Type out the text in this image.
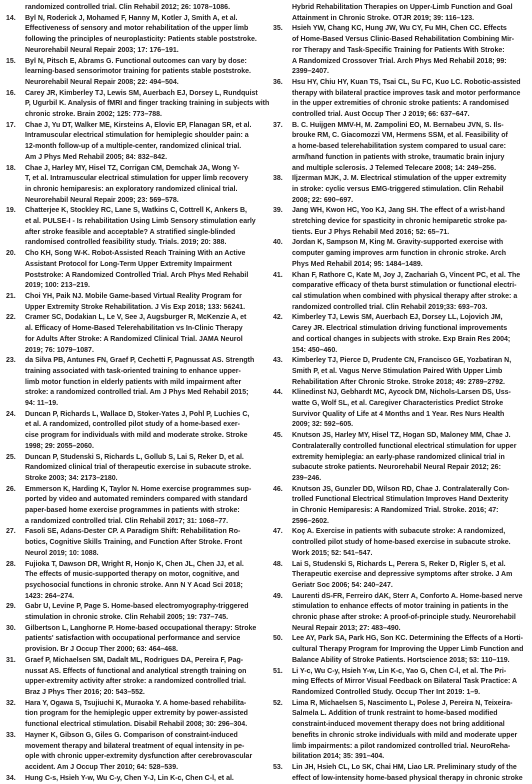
randomized controlled trial. Clin Rehabil 2012; 26: 1078–1086.

14.	Byl N, Roderick J, Mohamed F, Hanny M, Kotler J, Smith A, et al.
Effectiveness of sensory and motor rehabilitation of the upper limb
following the principles of neuroplasticity: Patients stable poststroke.
Neurorehabil Neural Repair 2003; 17: 176–191.

15.	Byl N, Pitsch E, Abrams G. Functional outcomes can vary by dose:
learning-based sensorimotor training for patients stable poststroke.
Neurorehabil Neural Repair 2008; 22: 494–504.

16.	Carey JR, Kimberley TJ, Lewis SM, Auerbach EJ, Dorsey L, Rundquist
P, Ugurbil K. Analysis of fMRI and finger tracking training in subjects with
chronic stroke. Brain 2002; 125: 773–788.

17.	Chae J, Yu DT, Walker ME, Kirsteins A, Elovic EP, Flanagan SR, et al.
Intramuscular electrical stimulation for hemiplegic shoulder pain: a
12-month follow-up of a multiple-center, randomized clinical trial.
Am J Phys Med Rehabil 2005; 84: 832–842.

18.	Chae J, Harley MY, Hisel TZ, Corrigan CM, Demchak JA, Wong Y-
T, et al. Intramuscular electrical stimulation for upper limb recovery
in chronic hemiparesis: an exploratory randomized clinical trial.
Neurorehabil Neural Repair 2009; 23: 569–578.

19.	Chatterjee K, Stockley RC, Lane S, Watkins C, Cottrell K, Ankers B,
et al. PULSE-I - Is rehabilitation Using Limb Sensory stimulation early
after stroke feasible and acceptable? A stratified single-blinded
randomised controlled feasibility study. Trials. 2019; 20: 388.

20.	Cho KH, Song W-K. Robot-Assisted Reach Training With an Active
Assistant Protocol for Long-Term Upper Extremity Impairment
Poststroke: A Randomized Controlled Trial. Arch Phys Med Rehabil
2019; 100: 213–219.

21.	Choi YH, Paik NJ. Mobile Game-based Virtual Reality Program for
Upper Extremity Stroke Rehabilitation. J Vis Exp 2018; 133: 56241.

22.	Cramer SC, Dodakian L, Le V, See J, Augsburger R, McKenzie A, et
al. Efficacy of Home-Based Telerehabilitation vs In-Clinic Therapy
for Adults After Stroke: A Randomized Clinical Trial. JAMA Neurol
2019; 76: 1079–1087.

23.	da Silva PB, Antunes FN, Graef P, Cechetti F, Pagnussat AS. Strength
training associated with task-oriented training to enhance upper-
limb motor function in elderly patients with mild impairment after
stroke: a randomized controlled trial. Am J Phys Med Rehabil 2015;
94: 11–19.

24.	Duncan P, Richards L, Wallace D, Stoker-Yates J, Pohl P, Luchies C,
et al. A randomized, controlled pilot study of a home-based exer-
cise program for individuals with mild and moderate stroke. Stroke
1998; 29: 2055–2060.

25.	Duncan P, Studenski S, Richards L, Gollub S, Lai S, Reker D, et al.
Randomized clinical trial of therapeutic exercise in subacute stroke.
Stroke 2003; 34: 2173–2180.

26.	Emmerson K, Harding K, Taylor N. Home exercise programmes sup-
ported by video and automated reminders compared with standard
paper-based home exercise programmes in patients with stroke:
a randomized controlled trial. Clin Rehabil 2017; 31: 1068–77.

27.	Fasoli SE, Adans-Dester CP. A Paradigm Shift: Rehabilitation Ro-
botics, Cognitive Skills Training, and Function After Stroke. Front
Neurol 2019; 10: 1088.

28.	Fujioka T, Dawson DR, Wright R, Honjo K, Chen JL, Chen JJ, et al.
The effects of music-supported therapy on motor, cognitive, and
psychosocial functions in chronic stroke. Ann N Y Acad Sci 2018;
1423: 264–274.

29.	Gabr U, Levine P, Page S. Home-based electromyography-triggered
stimulation in chronic stroke. Clin Rehabil 2005; 19: 737–745.

30.	Gilbertson L, Langhorne P. Home-based occupational therapy: Stroke
patients' satisfaction with occupational performance and service
provision. Br J Occup Ther 2000; 63: 464–468.

31.	Graef P, Michaelsen SM, Dadalt ML, Rodrigues DA, Pereira F, Pag-
nussat AS. Effects of functional and analytical strength training on
upper-extremity activity after stroke: a randomized controlled trial.
Braz J Phys Ther 2016; 20: 543–552.

32.	Hara Y, Ogawa S, Tsujiuchi K, Muraoka Y. A home-based rehabilita-
tion program for the hemiplegic upper extremity by power-assisted
functional electrical stimulation. Disabil Rehabil 2008; 30: 296–304.

33.	Hayner K, Gibson G, Giles G. Comparison of constraint-induced
movement therapy and bilateral treatment of equal intensity in pe-
ople with chronic upper-extremity dysfunction after cerebrovascular
accident. Am J Occup Ther 2010; 64: 528–539.

34.	Hung C-s, Hsieh Y-w, Wu C-y, Chen Y-J, Lin K-c, Chen C-l, et al.

Hybrid Rehabilitation Therapies on Upper-Limb Function and Goal
Attainment in Chronic Stroke. OTJR 2019; 39: 116–123.

35.	Hsieh YW, Chang KC, Hung JW, Wu CY, Fu MH, Chen CC. Effects
of Home-Based Versus Clinic-Based Rehabilitation Combining Mir-
ror Therapy and Task-Specific Training for Patients With Stroke:
A Randomized Crossover Trial. Arch Phys Med Rehabil 2018; 99:
2399–2407.

36.	Hsu HY, Chiu HY, Kuan TS, Tsai CL, Su FC, Kuo LC. Robotic-assisted
therapy with bilateral practice improves task and motor performance
in the upper extremities of chronic stroke patients: A randomised
controlled trial. Aust Occup Ther J 2019; 66: 637–647.

37.	B. C. Huijgen MMV-H, M. Zampolini EO, M. Bernabeu JVN, S. Ils-
brouke RM, C. Giacomozzi VM, Hermens SSM, et al. Feasibility of
a home-based telerehabilitation system compared to usual care:
arm/hand function in patients with stroke, traumatic brain injury
and multiple sclerosis. J Telemed Telecare 2008; 14: 249–256.

38.	Iljzerman MJK, J. M. Electrical stimulation of the upper extremity
in stroke: cyclic versus EMG-triggered stimulation. Clin Rehabil
2008; 22: 690–697.

39.	Jang WH, Kwon HC, Yoo KJ, Jang SH. The effect of a wrist-hand
stretching device for spasticity in chronic hemiparetic stroke pa-
tients. Eur J Phys Rehabil Med 2016; 52: 65–71.

40.	Jordan K, Sampson M, King M. Gravity-supported exercise with
computer gaming improves arm function in chronic stroke. Arch
Phys Med Rehabil 2014; 95: 1484–1489.

41.	Khan F, Rathore C, Kate M, Joy J, Zachariah G, Vincent PC, et al. The
comparative efficacy of theta burst stimulation or functional electri-
cal stimulation when combined with physical therapy after stroke: a
randomized controlled trial. Clin Rehabil 2019;33: 693–703.

42.	Kimberley TJ, Lewis SM, Auerbach EJ, Dorsey LL, Lojovich JM,
Carey JR. Electrical stimulation driving functional improvements
and cortical changes in subjects with stroke. Exp Brain Res 2004;
154: 450–460.

43.	Kimberley TJ, Pierce D, Prudente CN, Francisco GE, Yozbatiran N,
Smith P, et al. Vagus Nerve Stimulation Paired With Upper Limb
Rehabilitation After Chronic Stroke. Stroke 2018; 49: 2789–2792.

44.	Klinedinst NJ, Gebhardt MC, Aycock DM, Nichols-Larsen DS, Uss-
watte G, Wolf SL, et al. Caregiver Characteristics Predict Stroke
Survivor Quality of Life at 4 Months and 1 Year. Res Nurs Health
2009; 32: 592–605.

45.	Knutson JS, Harley MY, Hisel TZ, Hogan SD, Maloney MM, Chae J.
Contralaterally controlled functional electrical stimulation for upper
extremity hemiplegia: an early-phase randomized clinical trial in
subacute stroke patients. Neurorehabil Neural Repair 2012; 26:
239–246.

46.	Knutson JS, Gunzler DD, Wilson RD, Chae J. Contralaterally Con-
trolled Functional Electrical Stimulation Improves Hand Dexterity
in Chronic Hemiparesis: A Randomized Trial. Stroke. 2016; 47:
2596–2602.

47.	Koç A. Exercise in patients with subacute stroke: A randomized,
controlled pilot study of home-based exercise in subacute stroke.
Work 2015; 52: 541–547.

48.	Lai S, Studenski S, Richards L, Perera S, Reker D, Rigler S, et al.
Therapeutic exercise and depressive symptoms after stroke. J Am
Geriatr Soc 2006; 54: 240–247.

49.	Laurenti dS-FR, Ferreiro dAK, Sterr A, Conforto A. Home-based nerve
stimulation to enhance effects of motor training in patients in the
chronic phase after stroke: A proof-of-principle study. Neurorehabil
Neural Repair 2013; 27: 483–490.

50.	Lee AY, Park SA, Park HG, Son KC. Determining the Effects of a Horti-
cultural Therapy Program for Improving the Upper Limb Function and
Balance Ability of Stroke Patients. Hortscience 2018; 53: 110–119.

51.	Li Y-c, Wu C-y, Hsieh Y-w, Lin K-c, Yao G, Chen C-l, et al. The Pri-
ming Effects of Mirror Visual Feedback on Bilateral Task Practice: A
Randomized Controlled Study. Occup Ther Int 2019: 1–9.

52.	Lima R, Michaelsen S, Nascimento L, Polese J, Pereira N, Teixeira-
Salmela L. Addition of trunk restraint to home-based modified
constraint-induced movement therapy does not bring additional
benefits in chronic stroke individuals with mild and moderate upper
limb impairments: a pilot randomized controlled trial. NeuroReha-
bilitation 2014; 35: 391–404.

53.	Lin JH, Hsieh CL, Lo SK, Chai HM, Liao LR. Preliminary study of the
effect of low-intensity home-based physical therapy in chronic stroke
